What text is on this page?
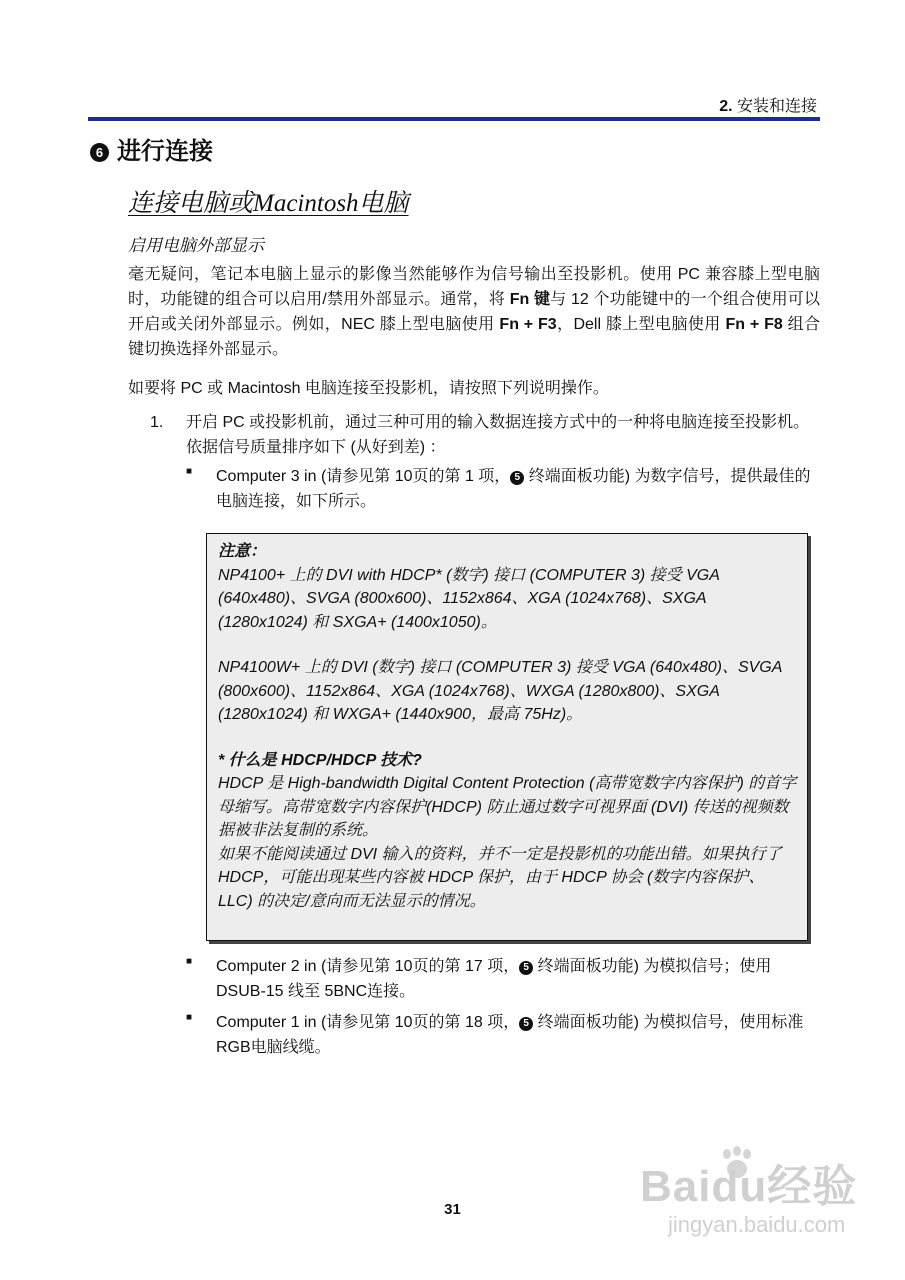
2. 安装和连接
6 进行连接
连接电脑或Macintosh电脑
启用电脑外部显示
毫无疑问，笔记本电脑上显示的影像当然能够作为信号输出至投影机。使用 PC 兼容膝上型电脑时，功能键的组合可以启用/禁用外部显示。通常，将 Fn 键与 12 个功能键中的一个组合使用可以开启或关闭外部显示。例如，NEC 膝上型电脑使用 Fn + F3，Dell 膝上型电脑使用 Fn + F8 组合键切换选择外部显示。
如要将 PC 或 Macintosh 电脑连接至投影机，请按照下列说明操作。
1. 开启 PC 或投影机前，通过三种可用的输入数据连接方式中的一种将电脑连接至投影机。依据信号质量排序如下 (从好到差) ：
■ Computer 3 in (请参见第 10页的第 1 项， 5 终端面板功能) 为数字信号，提供最佳的电脑连接，如下所示。
注意：
NP4100+ 上的 DVI with HDCP* (数字) 接口 (COMPUTER 3) 接受 VGA (640x480)、SVGA (800x600)、1152x864、XGA (1024x768)、SXGA (1280x1024) 和 SXGA+ (1400x1050)。
NP4100W+ 上的 DVI (数字) 接口 (COMPUTER 3) 接受 VGA (640x480)、SVGA (800x600)、1152x864、XGA (1024x768)、WXGA (1280x800)、SXGA (1280x1024) 和 WXGA+ (1440x900，最高 75Hz)。
* 什么是 HDCP/HDCP 技术?
HDCP 是 High-bandwidth Digital Content Protection (高带宽数字内容保护) 的首字母缩写。高带宽数字内容保护(HDCP) 防止通过数字可视界面 (DVI) 传送的视频数据被非法复制的系统。
如果不能阅读通过 DVI 输入的资料，并不一定是投影机的功能出错。如果执行了 HDCP，可能出现某些内容被 HDCP 保护，由于 HDCP 协会 (数字内容保护、LLC) 的决定/意向而无法显示的情况。
■ Computer 2 in (请参见第 10页的第 17 项， 5 终端面板功能) 为模拟信号；使用DSUB-15 线至 5BNC连接。
■ Computer 1 in (请参见第 10页的第 18 项， 5 终端面板功能) 为模拟信号，使用标准RGB电脑线缆。
31	Baidu经验
jingyan.baidu.com
